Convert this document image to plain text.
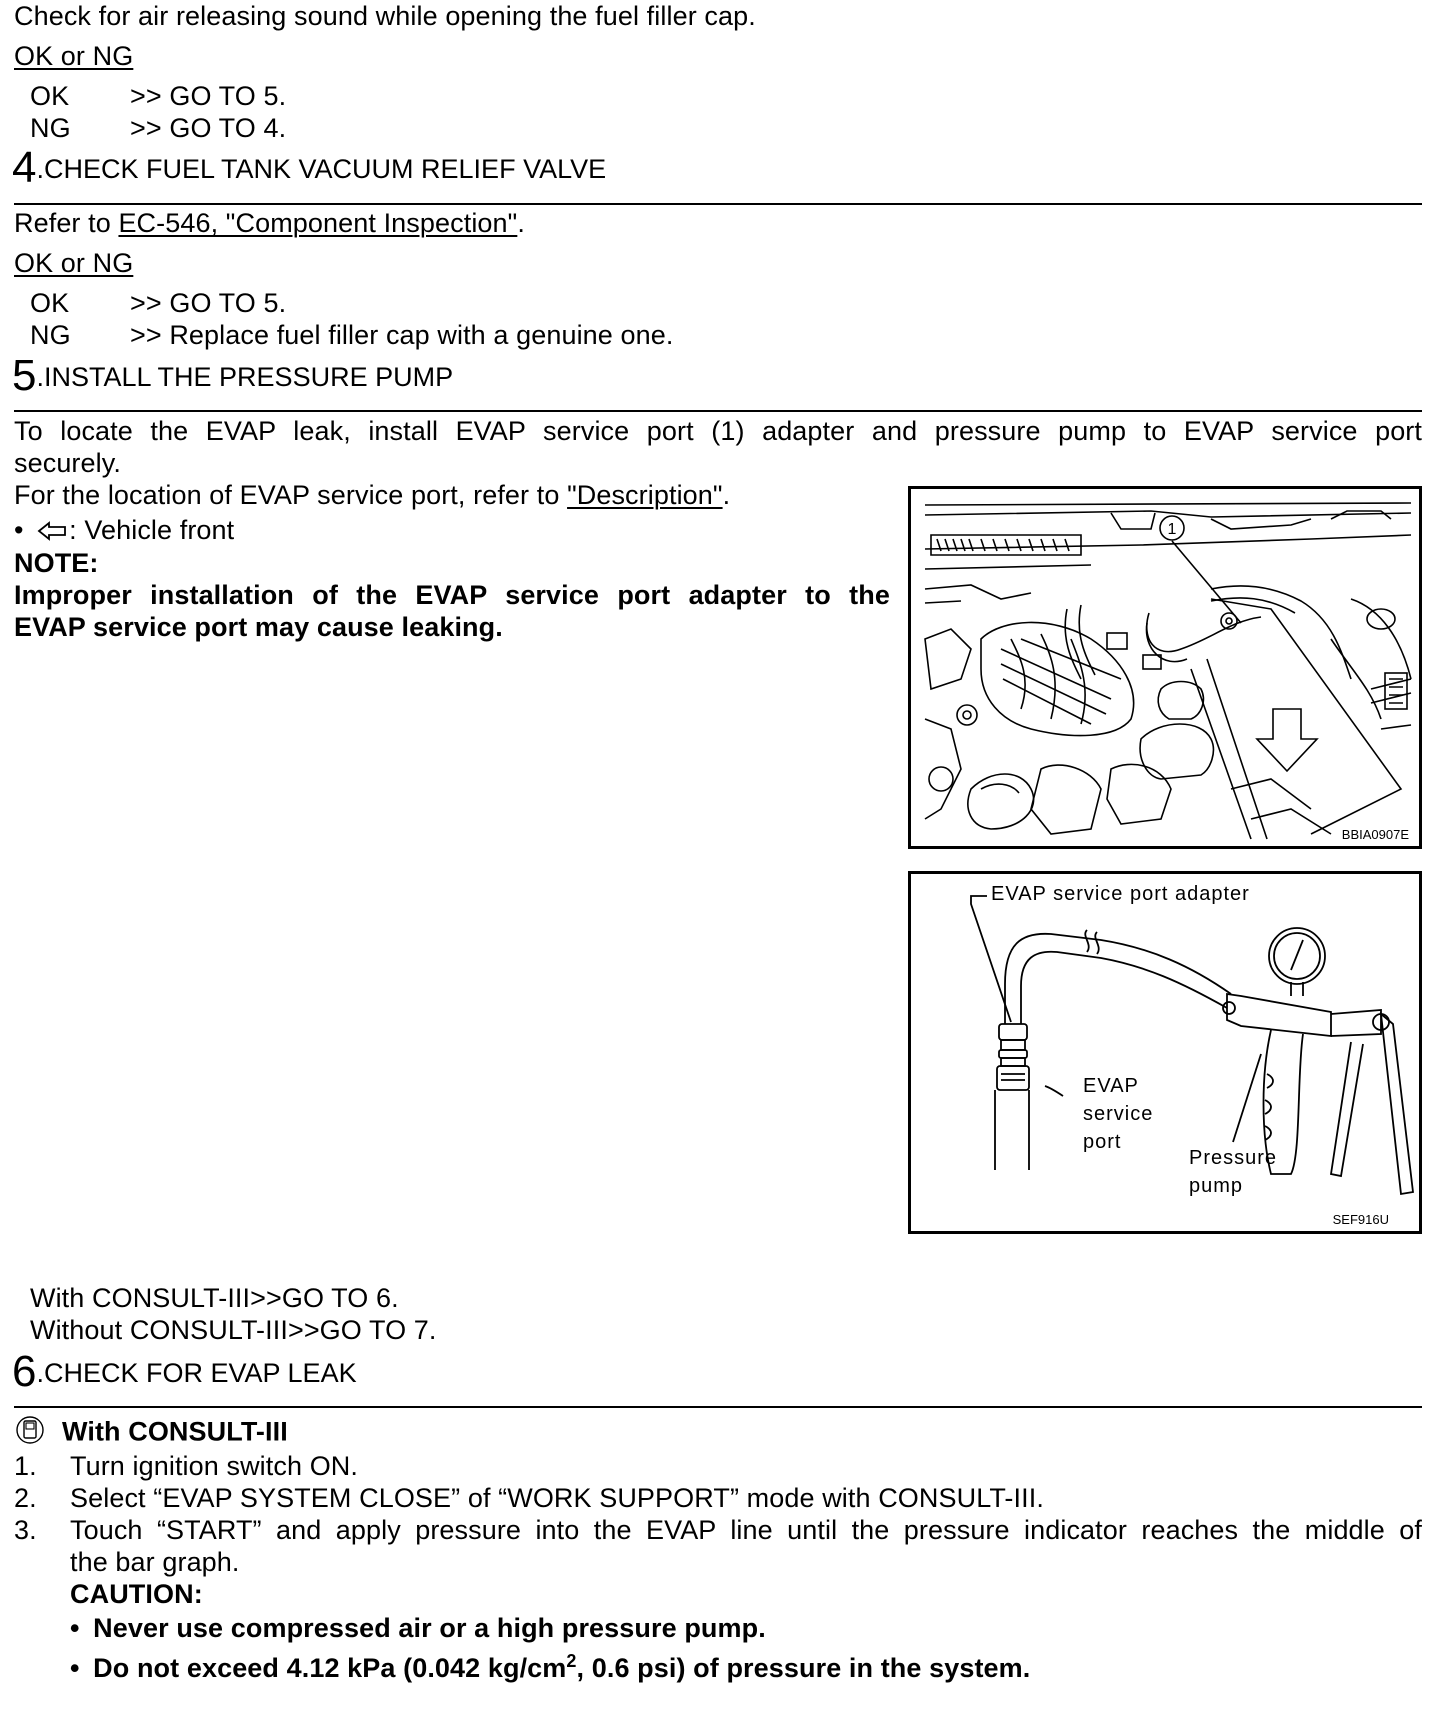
Check for air releasing sound while opening the fuel filler cap.
OK or NG
OK >> GO TO 5.
NG >> GO TO 4.
4.CHECK FUEL TANK VACUUM RELIEF VALVE
Refer to EC-546, "Component Inspection".
OK or NG
OK >> GO TO 5.
NG >> Replace fuel filler cap with a genuine one.
5.INSTALL THE PRESSURE PUMP
To locate the EVAP leak, install EVAP service port (1) adapter and pressure pump to EVAP service port
securely.
For the location of EVAP service port, refer to "Description".
• : Vehicle front
NOTE:
Improper installation of the EVAP service port adapter to the
EVAP service port may cause leaking.
1
BBIA0907E
EVAP service port adapter
EVAP
service
port
Pressure
pump
SEF916U
With CONSULT-III>>GO TO 6.
Without CONSULT-III>>GO TO 7.
6.CHECK FOR EVAP LEAK
With CONSULT-III
1. Turn ignition switch ON.
2. Select “EVAP SYSTEM CLOSE” of “WORK SUPPORT” mode with CONSULT-III.
3. Touch “START” and apply pressure into the EVAP line until the pressure indicator reaches the middle of
the bar graph.
CAUTION:
• Never use compressed air or a high pressure pump.
• Do not exceed 4.12 kPa (0.042 $kg/cm^2$, 0.6 psi) of pressure in the system.
